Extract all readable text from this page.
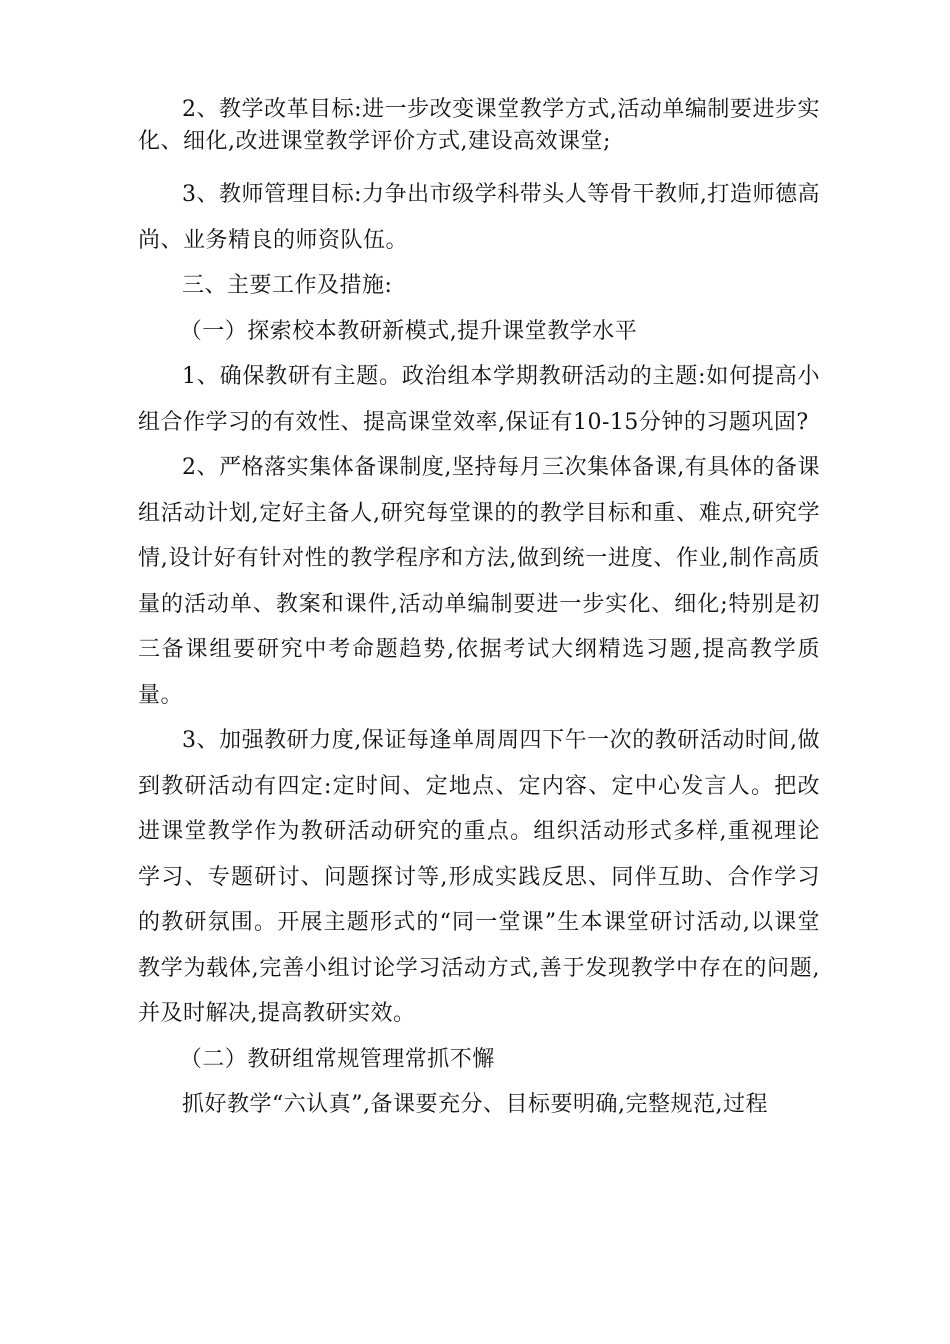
2、教学改革目标:进一步改变课堂教学方式,活动单编制要进步实化、细化,改进课堂教学评价方式,建设高效课堂;

3、教师管理目标:力争出市级学科带头人等骨干教师,打造师德高尚、业务精良的师资队伍。

三、主要工作及措施:

（一）探索校本教研新模式,提升课堂教学水平

1、确保教研有主题。政治组本学期教研活动的主题:如何提高小组合作学习的有效性、提高课堂效率,保证有10-15分钟的习题巩固?

2、严格落实集体备课制度,坚持每月三次集体备课,有具体的备课组活动计划,定好主备人,研究每堂课的的教学目标和重、难点,研究学情,设计好有针对性的教学程序和方法,做到统一进度、作业,制作高质量的活动单、教案和课件,活动单编制要进一步实化、细化;特别是初三备课组要研究中考命题趋势,依据考试大纲精选习题,提高教学质量。

3、加强教研力度,保证每逢单周周四下午一次的教研活动时间,做到教研活动有四定:定时间、定地点、定内容、定中心发言人。把改进课堂教学作为教研活动研究的重点。组织活动形式多样,重视理论学习、专题研讨、问题探讨等,形成实践反思、同伴互助、合作学习的教研氛围。开展主题形式的“同一堂课”生本课堂研讨活动,以课堂教学为载体,完善小组讨论学习活动方式,善于发现教学中存在的问题,并及时解决,提高教研实效。

（二）教研组常规管理常抓不懈

抓好教学“六认真”,备课要充分、目标要明确,完整规范,过程
